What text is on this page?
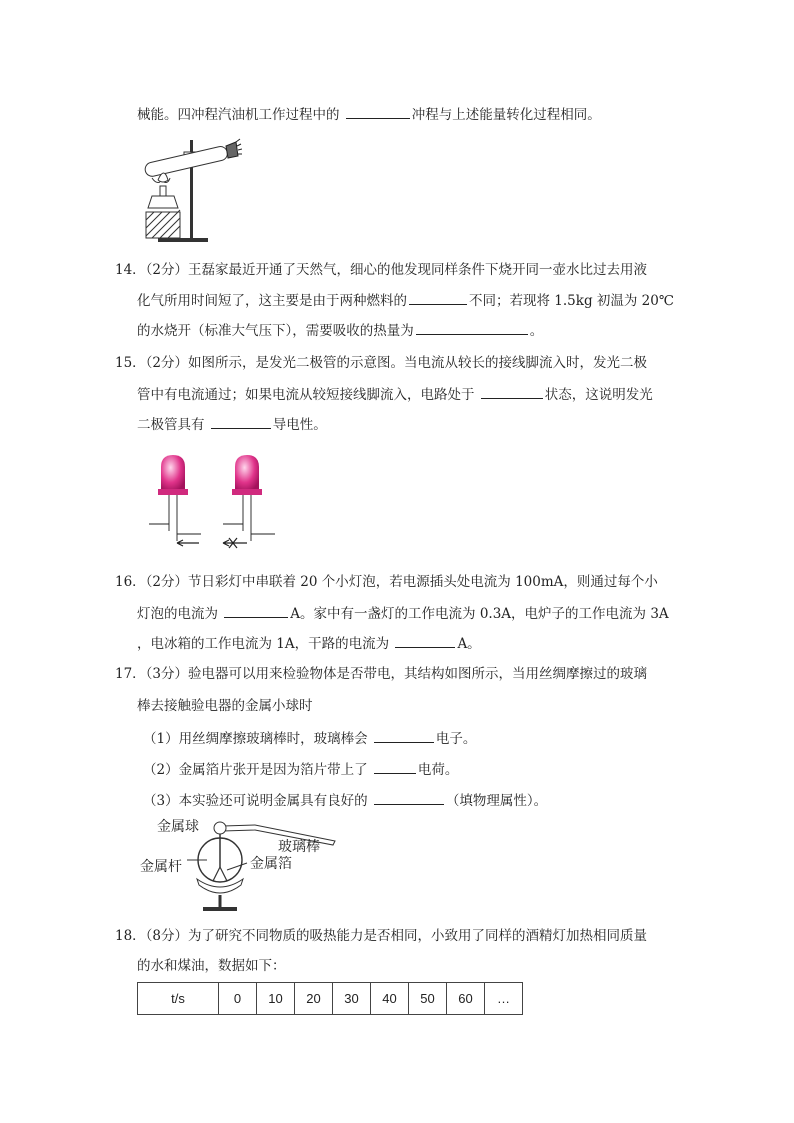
械能。四冲程汽油机工作过程中的	冲程与上述能量转化过程相同。
14．（2分）王磊家最近开通了天然气，细心的他发现同样条件下烧开同一壶水比过去用液
化气所用时间短了，这主要是由于两种燃料的	不同；若现将 1.5kg 初温为 20℃
的水烧开（标准大气压下），需要吸收的热量为	。
15．（2分）如图所示，是发光二极管的示意图。当电流从较长的接线脚流入时，发光二极
管中有电流通过；如果电流从较短接线脚流入，电路处于	状态，这说明发光
二极管具有	导电性。
16．（2分）节日彩灯中串联着 20 个小灯泡，若电源插头处电流为 100mA，则通过每个小
灯泡的电流为	A。家中有一盏灯的工作电流为 0.3A，电炉子的工作电流为 3A
，电冰箱的工作电流为 1A，干路的电流为	A。
17．（3分）验电器可以用来检验物体是否带电，其结构如图所示，当用丝绸摩擦过的玻璃
棒去接触验电器的金属小球时
（1）用丝绸摩擦玻璃棒时，玻璃棒会	电子。
（2）金属箔片张开是因为箔片带上了	电荷。
（3）本实验还可说明金属具有良好的	（填物理属性）。
金属球
玻璃棒
金属杆	金属箔
18．（8分）为了研究不同物质的吸热能力是否相同，小致用了同样的酒精灯加热相同质量
的水和煤油，数据如下：
t/s	0	10	20	30	40	50	60	…
